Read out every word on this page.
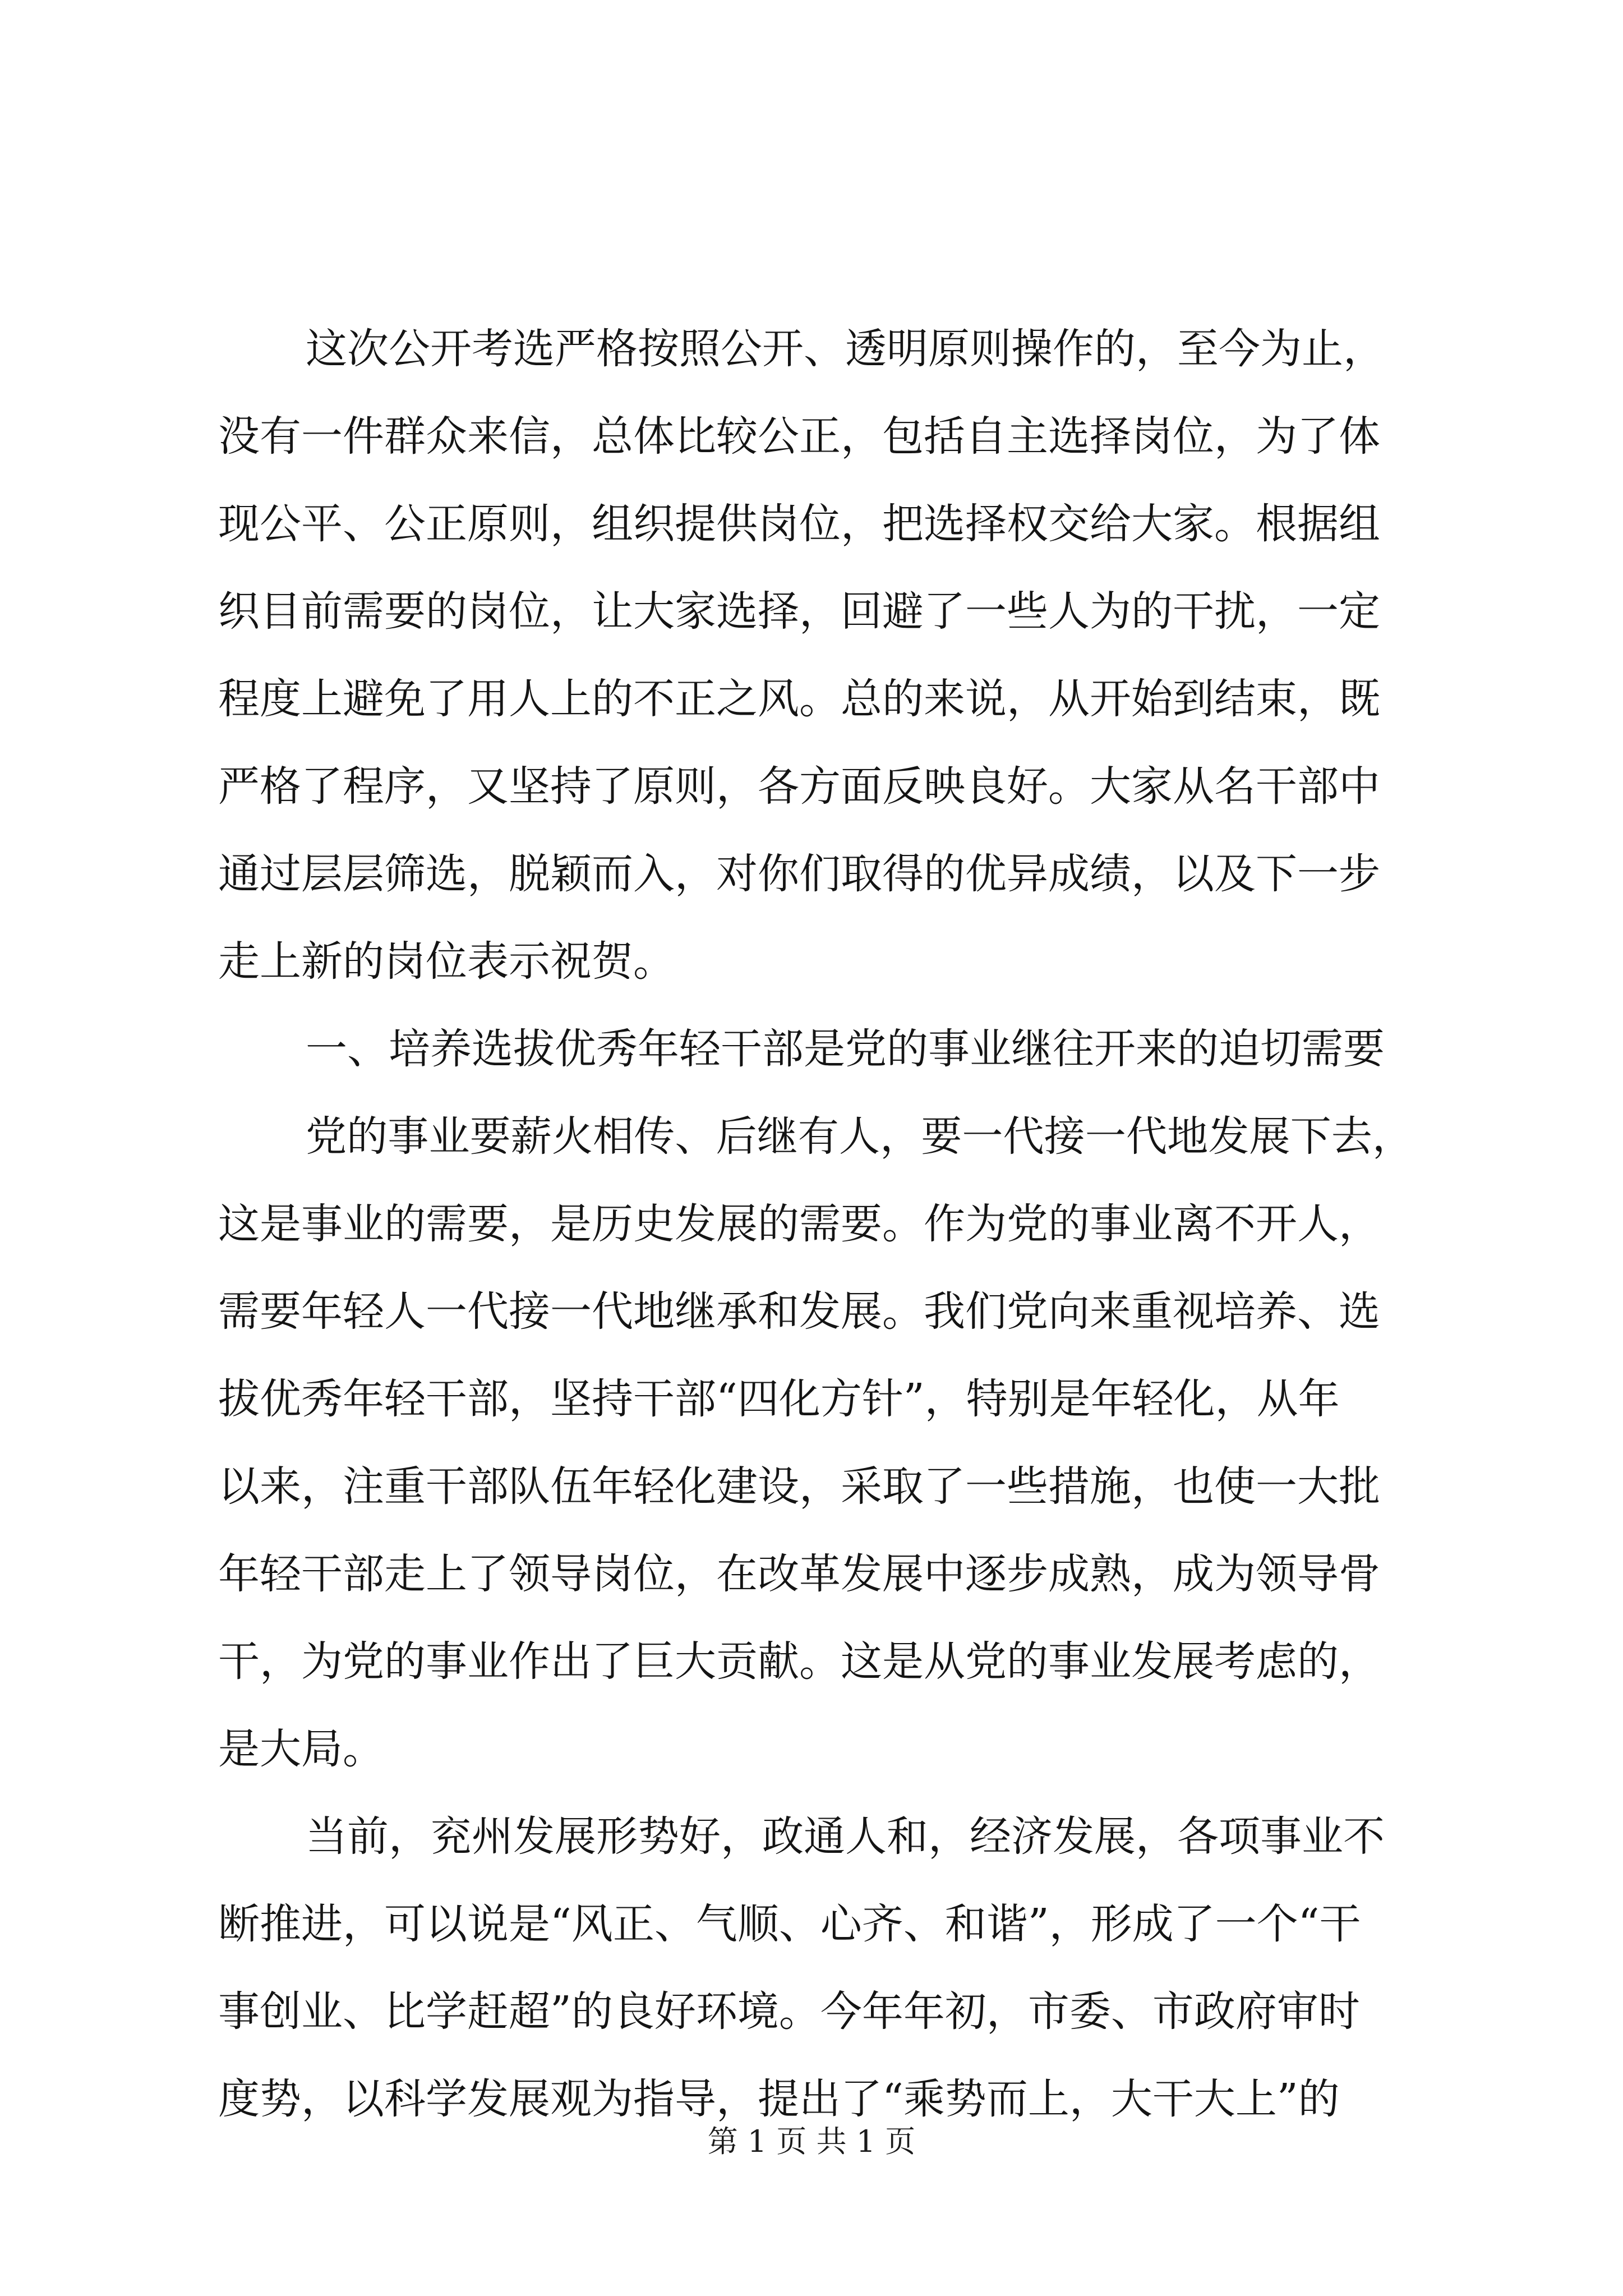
这次公开考选严格按照公开、透明原则操作的，至今为止，
没有一件群众来信，总体比较公正，包括自主选择岗位，为了体
现公平、公正原则，组织提供岗位，把选择权交给大家。根据组
织目前需要的岗位，让大家选择，回避了一些人为的干扰，一定
程度上避免了用人上的不正之风。总的来说，从开始到结束，既
严格了程序，又坚持了原则，各方面反映良好。大家从名干部中
通过层层筛选，脱颖而入，对你们取得的优异成绩，以及下一步
走上新的岗位表示祝贺。
一、培养选拔优秀年轻干部是党的事业继往开来的迫切需要
党的事业要薪火相传、后继有人，要一代接一代地发展下去，
这是事业的需要，是历史发展的需要。作为党的事业离不开人，
需要年轻人一代接一代地继承和发展。我们党向来重视培养、选
拔优秀年轻干部，坚持干部“四化方针”，特别是年轻化，从年
以来，注重干部队伍年轻化建设，采取了一些措施，也使一大批
年轻干部走上了领导岗位，在改革发展中逐步成熟，成为领导骨
干，为党的事业作出了巨大贡献。这是从党的事业发展考虑的，
是大局。
当前，兖州发展形势好，政通人和，经济发展，各项事业不
断推进，可以说是“风正、气顺、心齐、和谐”，形成了一个“干
事创业、比学赶超”的良好环境。今年年初，市委、市政府审时
度势，以科学发展观为指导，提出了“乘势而上，大干大上”的
第 1 页 共 1 页
